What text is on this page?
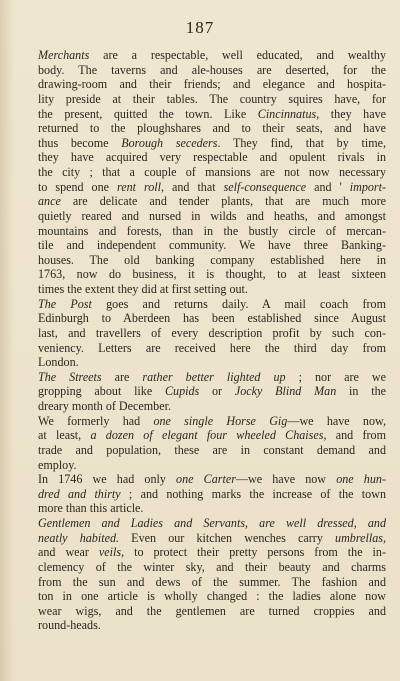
187

Merchants are a respectable, well educated, and wealthy
body. The taverns and ale-houses are deserted, for the
drawing-room and their friends; and elegance and hospita-
lity preside at their tables. The country squires have, for
the present, quitted the town. Like Cincinnatus, they have
returned to the ploughshares and to their seats, and have
thus become Borough seceders. They find, that by time,
they have acquired very respectable and opulent rivals in
the city ; that a couple of mansions are not now necessary
to spend one rent roll, and that self-consequence and ' import-
ance are delicate and tender plants, that are much more
quietly reared and nursed in wilds and heaths, and amongst
mountains and forests, than in the bustly circle of mercan-
tile and independent community. We have three Banking-
houses. The old banking company established here in
1763, now do business, it is thought, to at least sixteen
times the extent they did at first setting out.

The Post goes and returns daily. A mail coach from
Edinburgh to Aberdeen has been established since August
last, and travellers of every description profit by such con-
veniency. Letters are received here the third day from
London.

The Streets are rather better lighted up ; nor are we
gropping about like Cupids or Jocky Blind Man in the
dreary month of December.

We formerly had one single Horse Gig—we have now,
at least, a dozen of elegant four wheeled Chaises, and from
trade and population, these are in constant demand and
employ.

In 1746 we had only one Carter—we have now one hun-
dred and thirty ; and nothing marks the increase of the town
more than this article.

Gentlemen and Ladies and Servants, are well dressed, and
neatly habited. Even our kitchen wenches carry umbrellas,
and wear veils, to protect their pretty persons from the in-
clemency of the winter sky, and their beauty and charms
from the sun and dews of the summer. The fashion and
ton in one article is wholly changed : the ladies alone now
wear wigs, and the gentlemen are turned croppies and
round-heads.
